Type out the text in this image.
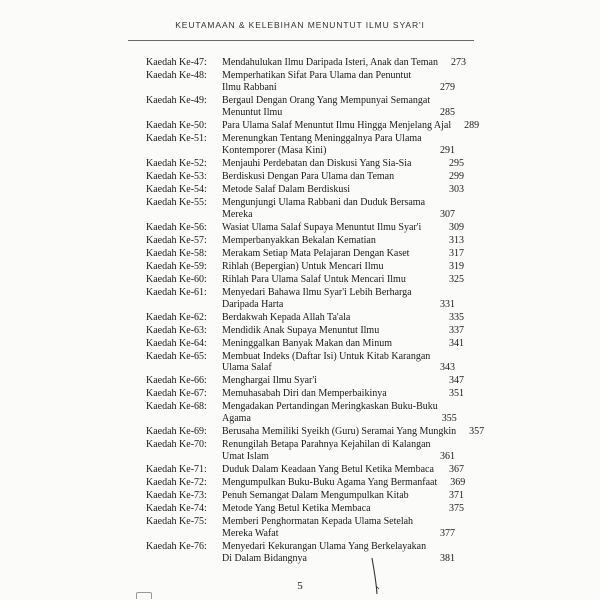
KEUTAMAAN & KELEBIHAN MENUNTUT ILMU SYAR'I
Kaedah Ke-47:	Mendahulukan Ilmu Daripada Isteri, Anak dan Teman	273
Kaedah Ke-48:	Memperhatikan Sifat Para Ulama dan Penuntut
Ilmu Rabbani	279
Kaedah Ke-49:	Bergaul Dengan Orang Yang Mempunyai Semangat
Menuntut Ilmu	285
Kaedah Ke-50:	Para Ulama Salaf Menuntut Ilmu Hingga Menjelang Ajal	289
Kaedah Ke-51:	Merenungkan Tentang Meninggalnya Para Ulama
Kontemporer (Masa Kini)	291
Kaedah Ke-52:	Menjauhi Perdebatan dan Diskusi Yang Sia-Sia	295
Kaedah Ke-53:	Berdiskusi Dengan Para Ulama dan Teman	299
Kaedah Ke-54:	Metode Salaf Dalam Berdiskusi	303
Kaedah Ke-55:	Mengunjungi Ulama Rabbani dan Duduk Bersama
Mereka	307
Kaedah Ke-56:	Wasiat Ulama Salaf Supaya Menuntut Ilmu Syar'i	309
Kaedah Ke-57:	Memperbanyakkan Bekalan Kematian	313
Kaedah Ke-58:	Merakam Setiap Mata Pelajaran Dengan Kaset	317
Kaedah Ke-59:	Rihlah (Bepergian) Untuk Mencari Ilmu	319
Kaedah Ke-60:	Rihlah Para Ulama Salaf Untuk Mencari Ilmu	325
Kaedah Ke-61:	Menyedari Bahawa Ilmu Syar'i Lebih Berharga
Daripada Harta	331
Kaedah Ke-62:	Berdakwah Kepada Allah Ta'ala	335
Kaedah Ke-63:	Mendidik Anak Supaya Menuntut Ilmu	337
Kaedah Ke-64:	Meninggalkan Banyak Makan dan Minum	341
Kaedah Ke-65:	Membuat Indeks (Daftar Isi) Untuk Kitab Karangan
Ulama Salaf	343
Kaedah Ke-66:	Menghargai Ilmu Syar'i	347
Kaedah Ke-67:	Memuhasabah Diri dan Memperbaikinya	351
Kaedah Ke-68:	Mengadakan Pertandingan Meringkaskan Buku-Buku
Agama	355
Kaedah Ke-69:	Berusaha Memiliki Syeikh (Guru) Seramai Yang Mungkin	357
Kaedah Ke-70:	Renungilah Betapa Parahnya Kejahilan di Kalangan
Umat Islam	361
Kaedah Ke-71:	Duduk Dalam Keadaan Yang Betul Ketika Membaca	367
Kaedah Ke-72:	Mengumpulkan Buku-Buku Agama Yang Bermanfaat	369
Kaedah Ke-73:	Penuh Semangat Dalam Mengumpulkan Kitab	371
Kaedah Ke-74:	Metode Yang Betul Ketika Membaca	375
Kaedah Ke-75:	Memberi Penghormatan Kepada Ulama Setelah
Mereka Wafat	377
Kaedah Ke-76:	Menyedari Kekurangan Ulama Yang Berkelayakan
Di Dalam Bidangnya	381
5
